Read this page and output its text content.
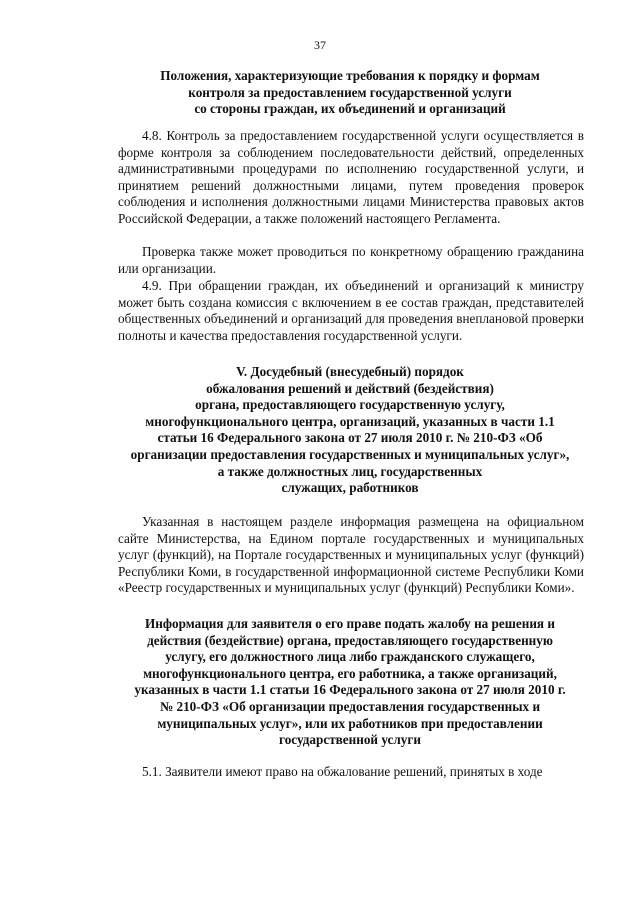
37
Положения, характеризующие требования к порядку и формам
контроля за предоставлением государственной услуги
со стороны граждан, их объединений и организаций

4.8. Контроль за предоставлением государственной услуги осуществляется в форме контроля за соблюдением последовательности действий, определенных административными процедурами по исполнению государственной услуги, и принятием решений должностными лицами, путем проведения проверок соблюдения и исполнения должностными лицами Министерства правовых актов Российской Федерации, а также положений настоящего Регламента.

Проверка также может проводиться по конкретному обращению гражданина или организации.

4.9. При обращении граждан, их объединений и организаций к министру может быть создана комиссия с включением в ее состав граждан, представителей общественных объединений и организаций для проведения внеплановой проверки полноты и качества предоставления государственной услуги.

V. Досудебный (внесудебный) порядок
обжалования решений и действий (бездействия)
органа, предоставляющего государственную услугу,
многофункционального центра, организаций, указанных в части 1.1
статьи 16 Федерального закона от 27 июля 2010 г. № 210-ФЗ «Об
организации предоставления государственных и муниципальных услуг»,
а также должностных лиц, государственных
служащих, работников

Указанная в настоящем разделе информация размещена на официальном сайте Министерства, на Едином портале государственных и муниципальных услуг (функций), на Портале государственных и муниципальных услуг (функций) Республики Коми, в государственной информационной системе Республики Коми «Реестр государственных и муниципальных услуг (функций) Республики Коми».

Информация для заявителя о его праве подать жалобу на решения и
действия (бездействие) органа, предоставляющего государственную
услугу, его должностного лица либо гражданского служащего,
многофункционального центра, его работника, а также организаций,
указанных в части 1.1 статьи 16 Федерального закона от 27 июля 2010 г.
№ 210-ФЗ «Об организации предоставления государственных и
муниципальных услуг», или их работников при предоставлении
государственной услуги

5.1. Заявители имеют право на обжалование решений, принятых в ходе
